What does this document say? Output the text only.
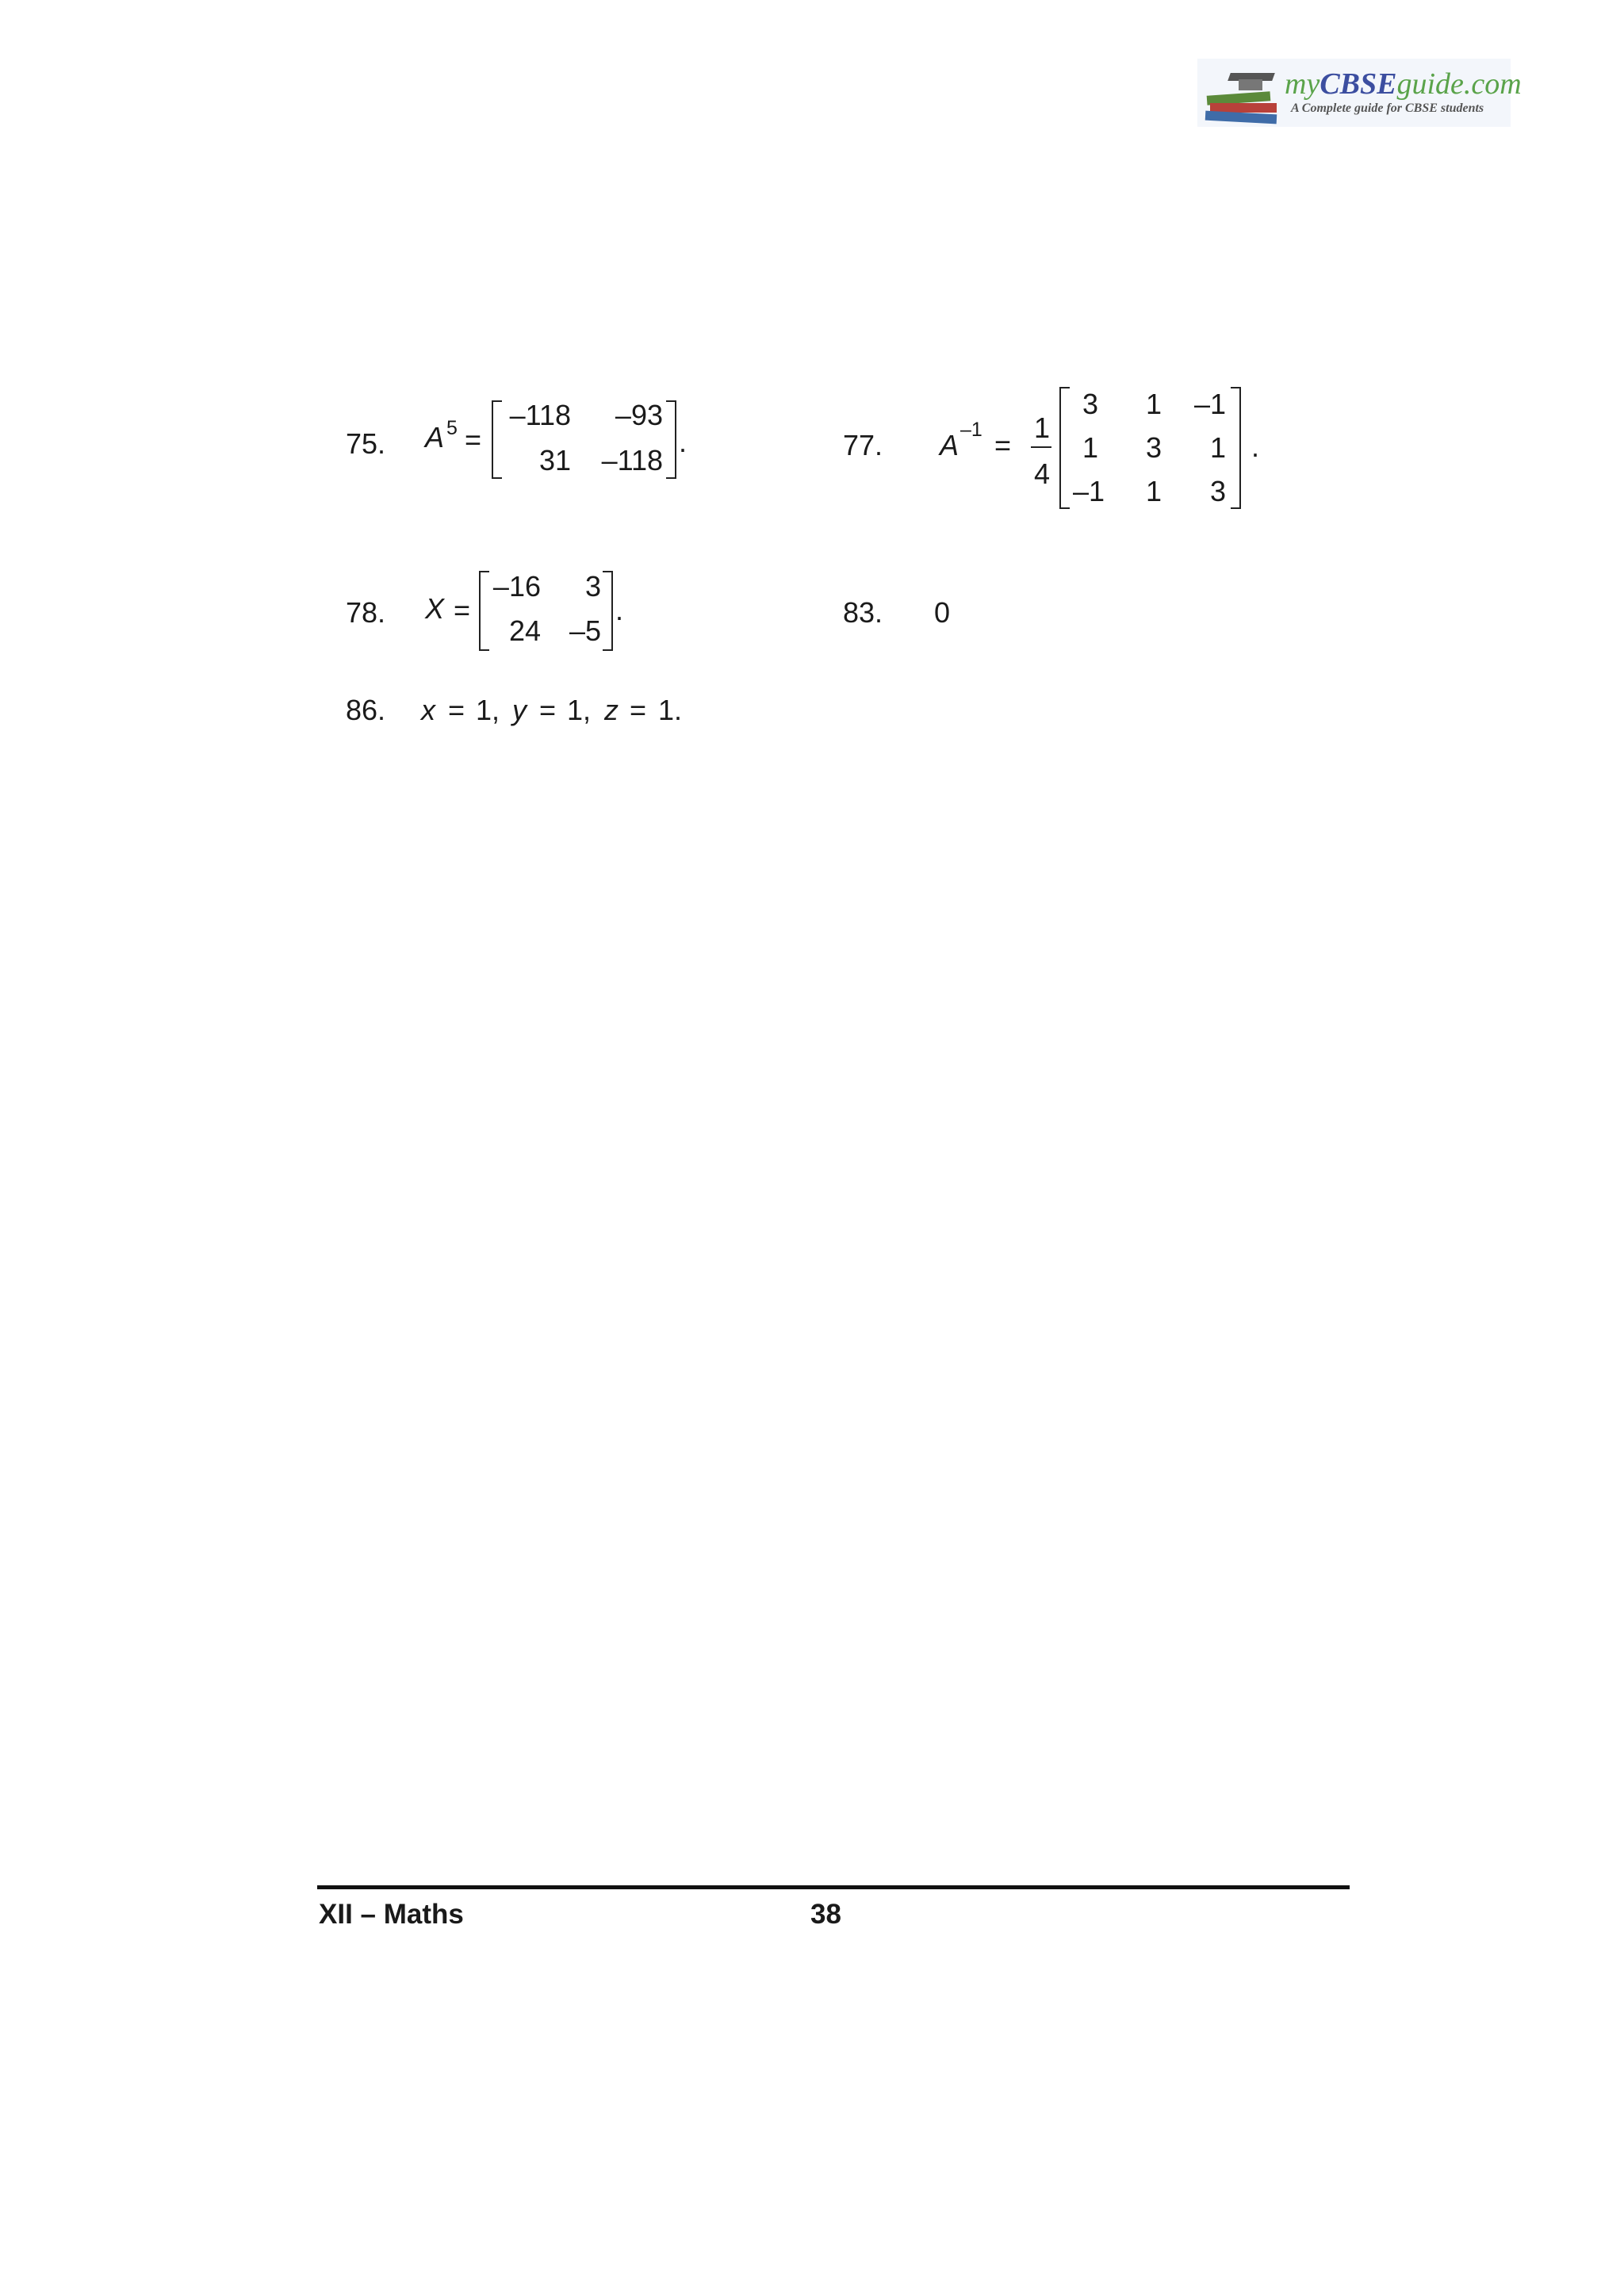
myCBSEguide.com
A Complete guide for CBSE students
75. A 5 =
–118	–93
31	–118
.	77. A –1 =
1
4
3	1 –1
1	3	1
–1	1	3
.
78. X =
–16	3
24 –5
.	83. 0
86. x = 1, y = 1, z = 1.
XII – Maths	38
